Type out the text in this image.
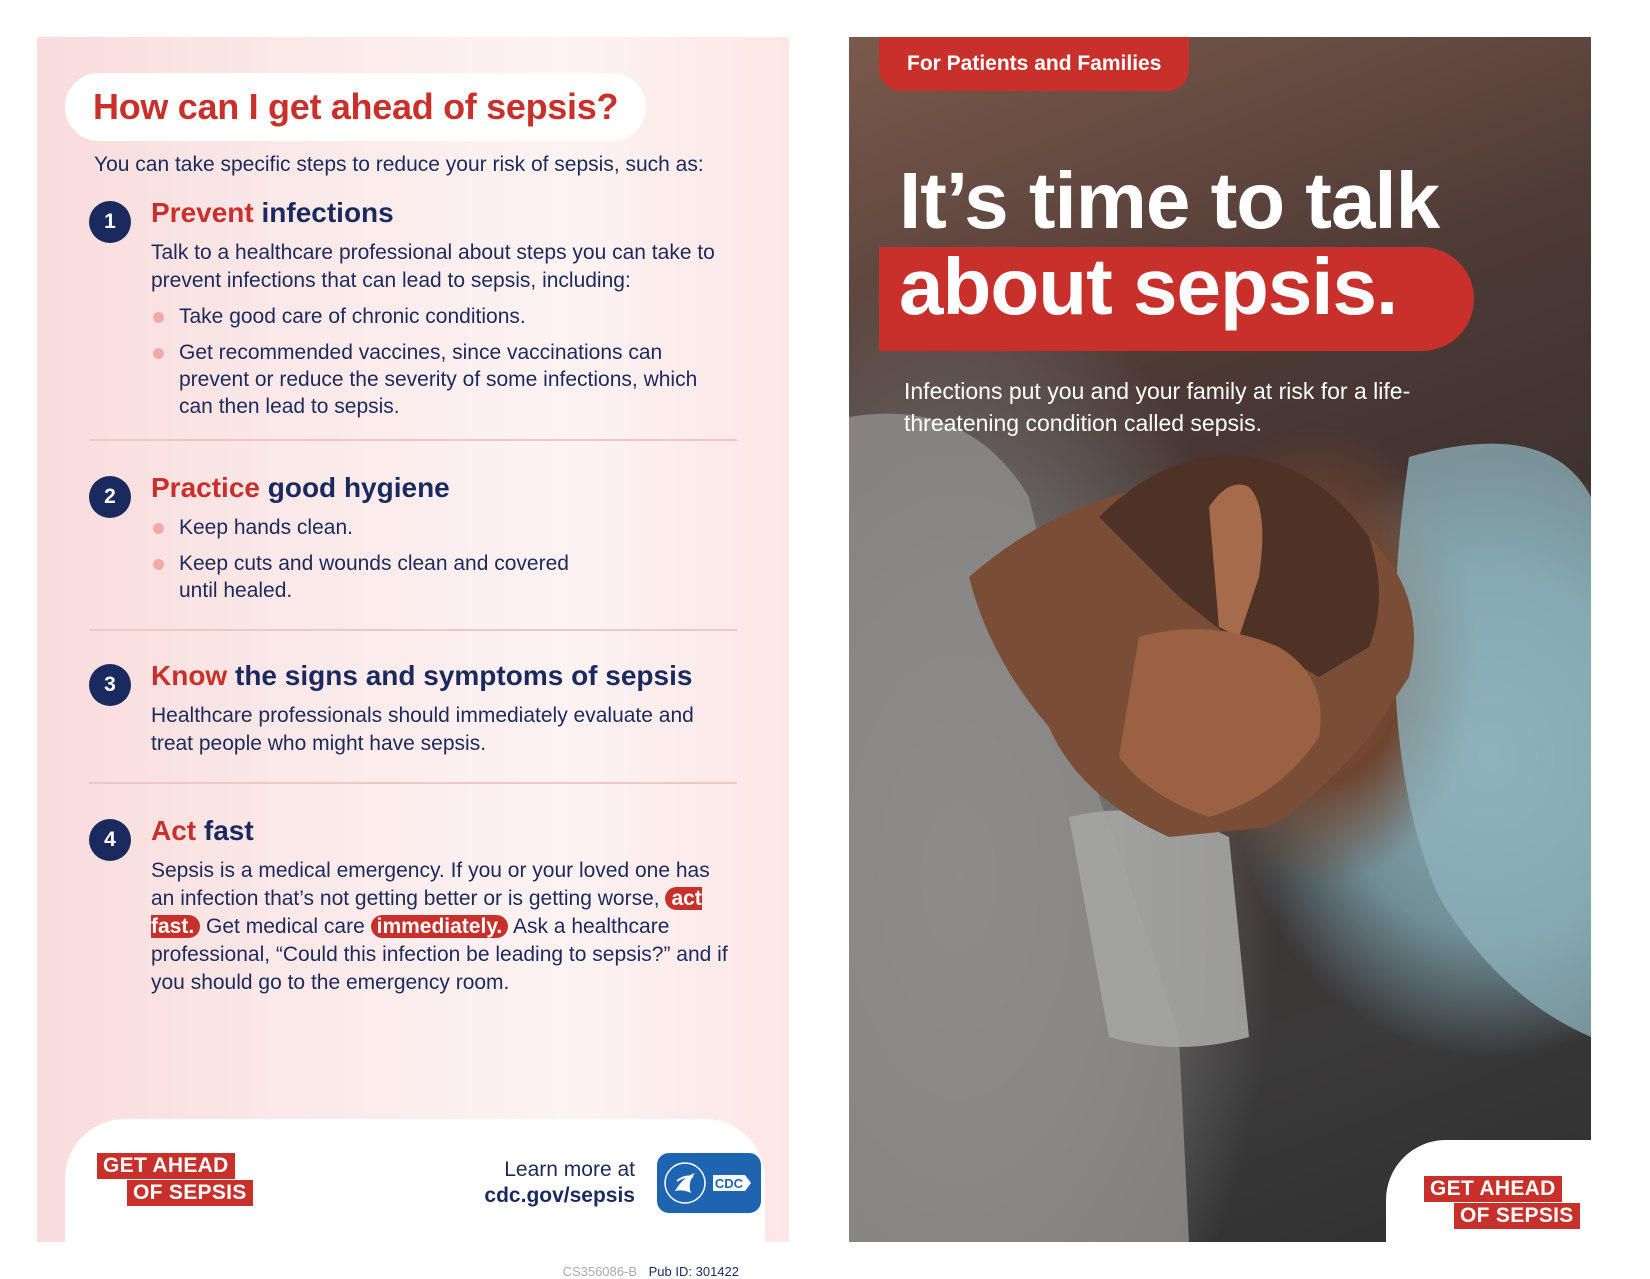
How can I get ahead of sepsis?
You can take specific steps to reduce your risk of sepsis, such as:
1	Prevent infections
Talk to a healthcare professional about steps you can take to prevent infections that can lead to sepsis, including:
Take good care of chronic conditions.
Get recommended vaccines, since vaccinations can prevent or reduce the severity of some infections, which can then lead to sepsis.
2	Practice good hygiene
Keep hands clean.
Keep cuts and wounds clean and covered until healed.
3	Know the signs and symptoms of sepsis
Healthcare professionals should immediately evaluate and treat people who might have sepsis.
4	Act fast
Sepsis is a medical emergency. If you or your loved one has an infection that’s not getting better or is getting worse, act fast. Get medical care immediately. Ask a healthcare professional, “Could this infection be leading to sepsis?” and if you should go to the emergency room.
GET AHEAD
OF SEPSIS
Learn more at
cdc.gov/sepsis
CDC
CS356086-B Pub ID: 301422
For Patients and Families
It’s time to talk
about sepsis.
Infections put you and your family at risk for a life-threatening condition called sepsis.
GET AHEAD
OF SEPSIS
